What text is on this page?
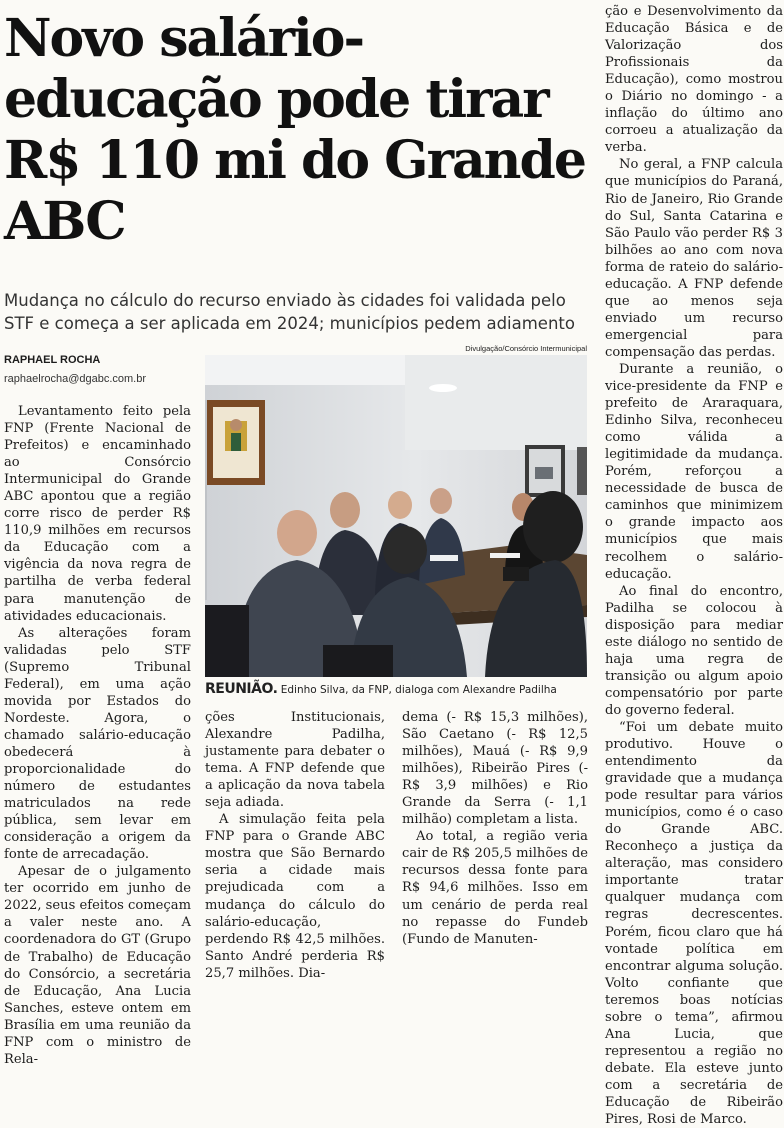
Novo salário-educação pode tirar R$ 110 mi do Grande ABC
Mudança no cálculo do recurso enviado às cidades foi validada pelo STF e começa a ser aplicada em 2024; municípios pedem adiamento
RAPHAEL ROCHA
raphaelrocha@dgabc.com.br
Divulgação/Consórcio Intermunicipal
REUNIÃO. Edinho Silva, da FNP, dialoga com Alexandre Padilha

Levantamento feito pela FNP (Frente Nacional de Prefeitos) e encaminhado ao Consórcio Intermunicipal do Grande ABC apontou que a região corre risco de perder R$ 110,9 milhões em recursos da Educação com a vigência da nova regra de partilha de verba federal para manutenção de atividades educacionais.

As alterações foram validadas pelo STF (Supremo Tribunal Federal), em uma ação movida por Estados do Nordeste. Agora, o chamado salário-educação obedecerá à proporcionalidade do número de estudantes matriculados na rede pública, sem levar em consideração a origem da fonte de arrecadação.

Apesar de o julgamento ter ocorrido em junho de 2022, seus efeitos começam a valer neste ano. A coordenadora do GT (Grupo de Trabalho) de Educação do Consórcio, a secretária de Educação, Ana Lucia Sanches, esteve ontem em Brasília em uma reunião da FNP com o ministro de Rela-

ções Institucionais, Alexandre Padilha, justamente para debater o tema. A FNP defende que a aplicação da nova tabela seja adiada.

A simulação feita pela FNP para o Grande ABC mostra que São Bernardo seria a cidade mais prejudicada com a mudança do cálculo do salário-educação, perdendo R$ 42,5 milhões. Santo André perderia R$ 25,7 milhões. Dia-

dema (- R$ 15,3 milhões), São Caetano (- R$ 12,5 milhões), Mauá (- R$ 9,9 milhões), Ribeirão Pires (- R$ 3,9 milhões) e Rio Grande da Serra (- 1,1 milhão) completam a lista.

Ao total, a região veria cair de R$ 205,5 milhões de recursos dessa fonte para R$ 94,6 milhões. Isso em um cenário de perda real no repasse do Fundeb (Fundo de Manuten-

ção e Desenvolvimento da Educação Básica e de Valorização dos Profissionais da Educação), como mostrou o Diário no domingo - a inflação do último ano corroeu a atualização da verba.

No geral, a FNP calcula que municípios do Paraná, Rio de Janeiro, Rio Grande do Sul, Santa Catarina e São Paulo vão perder R$ 3 bilhões ao ano com nova forma de rateio do salário-educação. A FNP defende que ao menos seja enviado um recurso emergencial para compensação das perdas.

Durante a reunião, o vice-presidente da FNP e prefeito de Araraquara, Edinho Silva, reconheceu como válida a legitimidade da mudança. Porém, reforçou a necessidade de busca de caminhos que minimizem o grande impacto aos municípios que mais recolhem o salário-educação.

Ao final do encontro, Padilha se colocou à disposição para mediar este diálogo no sentido de haja uma regra de transição ou algum apoio compensatório por parte do governo federal.

“Foi um debate muito produtivo. Houve o entendimento da gravidade que a mudança pode resultar para vários municípios, como é o caso do Grande ABC. Reconheço a justiça da alteração, mas considero importante tratar qualquer mudança com regras decrescentes. Porém, ficou claro que há vontade política em encontrar alguma solução. Volto confiante que teremos boas notícias sobre o tema”, afirmou Ana Lucia, que representou a região no debate. Ela esteve junto com a secretária de Educação de Ribeirão Pires, Rosi de Marco.
